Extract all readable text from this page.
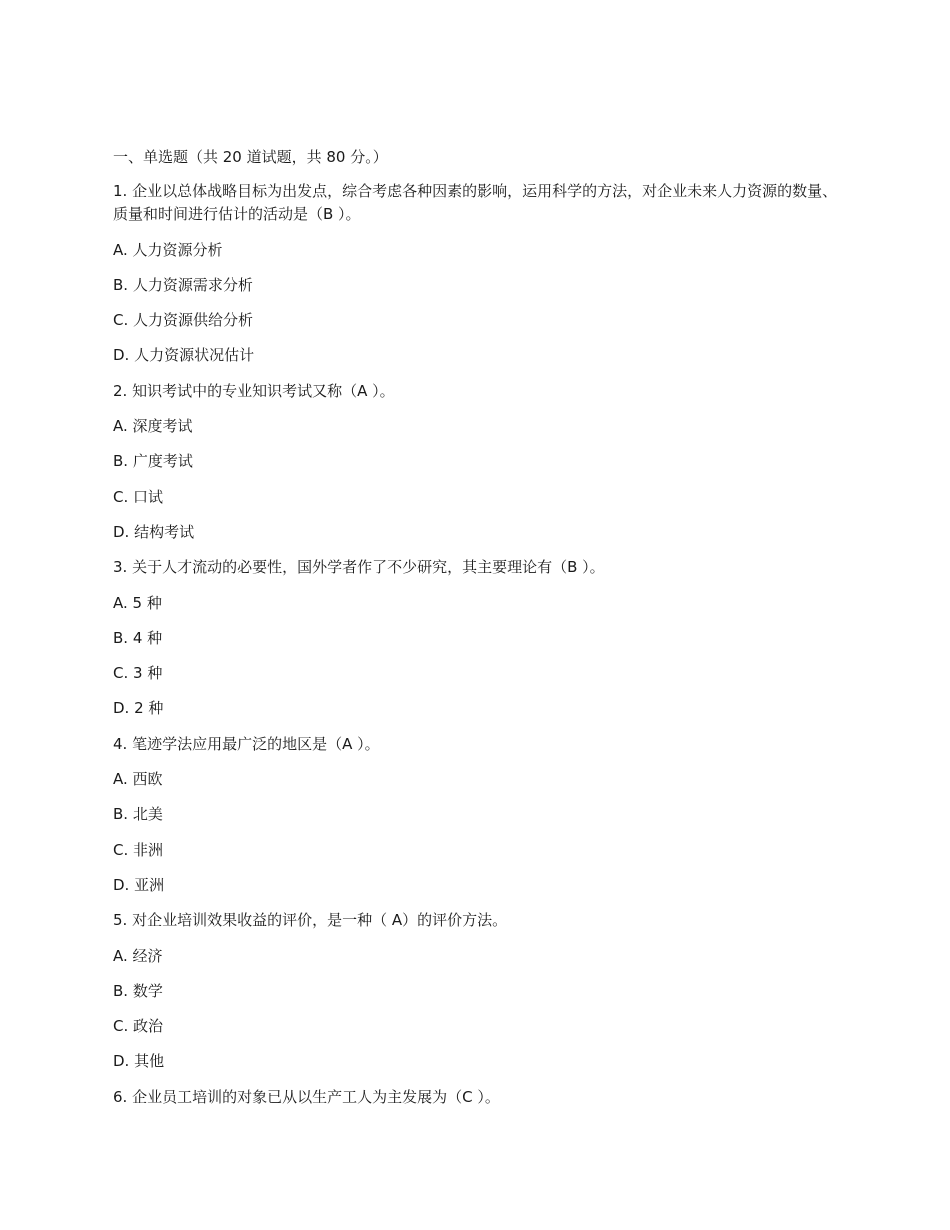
一、单选题（共 20 道试题，共 80 分。）
1. 企业以总体战略目标为出发点，综合考虑各种因素的影响，运用科学的方法，对企业未来人力资源的数量、质量和时间进行估计的活动是（B ）。
A. 人力资源分析
B. 人力资源需求分析
C. 人力资源供给分析
D. 人力资源状况估计
2. 知识考试中的专业知识考试又称（A ）。
A. 深度考试
B. 广度考试
C. 口试
D. 结构考试
3. 关于人才流动的必要性，国外学者作了不少研究，其主要理论有（B ）。
A. 5 种
B. 4 种
C. 3 种
D. 2 种
4. 笔迹学法应用最广泛的地区是（A ）。
A. 西欧
B. 北美
C. 非洲
D. 亚洲
5. 对企业培训效果收益的评价，是一种（ A）的评价方法。
A. 经济
B. 数学
C. 政治
D. 其他
6. 企业员工培训的对象已从以生产工人为主发展为（C ）。
